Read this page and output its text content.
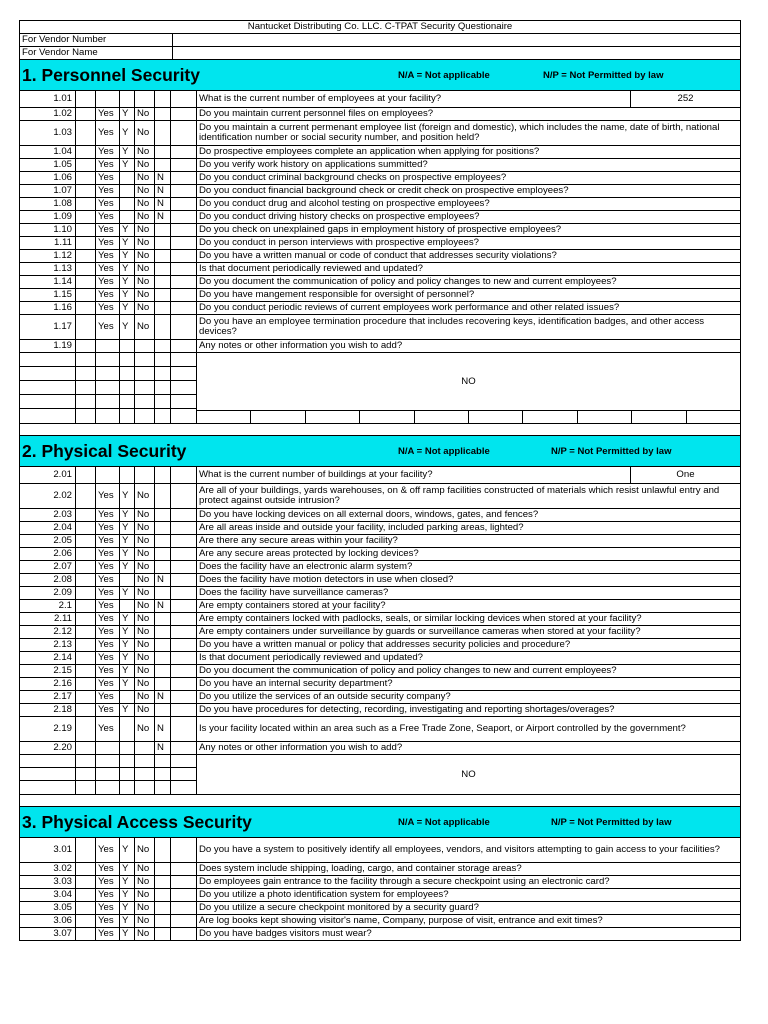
Nantucket Distributing Co. LLC. C-TPAT Security Questionaire
For Vendor Number
For Vendor Name
1. Personnel Security	N/A = Not applicable	N/P = Not Permitted by law
1.01	What is the current number of employees at your facility?	252
1.02	Yes Y No	Do you maintain current personnel files on employees?
1.03	Yes Y No	Do you maintain a current permenant employee list (foreign and domestic), which includes the name, date of birth, national identification number or social security number, and position held?
1.04	Yes Y No	Do prospective employees complete an application when applying for positions?
1.05	Yes Y No	Do you verify work history on applications summitted?
1.06	Yes	No N	Do you conduct criminal background checks on prospective employees?
1.07	Yes	No N	Do you conduct financial background check or credit check on prospective employees?
1.08	Yes	No N	Do you conduct drug and alcohol testing on prospective employees?
1.09	Yes	No N	Do you conduct driving history checks on prospective employees?
1.10	Yes Y No	Do you check on unexplained gaps in employment history of prospective employees?
1.11	Yes Y No	Do you conduct in person interviews with prospective employees?
1.12	Yes Y No	Do you have a written manual or code of conduct that addresses security violations?
1.13	Yes Y No	Is that document periodically reviewed and updated?
1.14	Yes Y No	Do you document the communication of policy and policy changes to new and current employees?
1.15	Yes Y No	Do you have mangement responsible for oversight of personnel?
1.16	Yes Y No	Do you conduct periodic reviews of current employees work performance and other related issues?
1.17	Yes Y No	Do you have an employee termination procedure that includes recovering keys, identification badges, and other access devices?
1.19	Any notes or other information you wish to add?
NO
2. Physical Security	N/A = Not applicable	N/P = Not Permitted by law
2.01	What is the current number of buildings at your facility?	One
2.02	Yes Y No	Are all of your buildings, yards warehouses, on & off ramp facilities constructed of materials which resist unlawful entry and protect against outside intrusion?
2.03	Yes Y No	Do you have locking devices on all external doors, windows, gates, and fences?
2.04	Yes Y No	Are all areas inside and outside your facility, included parking areas, lighted?
2.05	Yes Y No	Are there any secure areas within your facility?
2.06	Yes Y No	Are any secure areas protected by locking devices?
2.07	Yes Y No	Does the facility have an electronic alarm system?
2.08	Yes	No N	Does the facility have motion detectors in use when closed?
2.09	Yes Y No	Does the facility have surveillance cameras?
2.1	Yes	No N	Are empty containers stored at your facility?
2.11	Yes Y No	Are empty containers locked with padlocks, seals, or similar locking devices when stored at your facility?
2.12	Yes Y No	Are empty containers under surveillance by guards or surveillance cameras when stored at your facility?
2.13	Yes Y No	Do you have a written manual or policy that addresses security policies and procedure?
2.14	Yes Y No	Is that document periodically reviewed and updated?
2.15	Yes Y No	Do you document the communication of policy and policy changes to new and current employees?
2.16	Yes Y No	Do you have an internal security department?
2.17	Yes	No N	Do you utilize the services of an outside security company?
2.18	Yes Y No	Do you have procedures for detecting, recording, investigating and reporting shortages/overages?
2.19	Yes	No N	Is your facility located within an area such as a Free Trade Zone, Seaport, or Airport controlled by the government?
2.20	N	Any notes or other information you wish to add?
NO
3. Physical Access Security	N/A = Not applicable	N/P = Not Permitted by law
3.01	Yes Y No	Do you have a system to positively identify all employees, vendors, and visitors attempting to gain access to your facilities?
3.02	Yes Y No	Does system include shipping, loading, cargo, and container storage areas?
3.03	Yes Y No	Do employees gain entrance to the facility through a secure checkpoint using an electronic card?
3.04	Yes Y No	Do you utilize a photo identification system for employees?
3.05	Yes Y No	Do you utilize a secure checkpoint monitored by a security guard?
3.06	Yes Y No	Are log books kept showing visitor's name, Company, purpose of visit, entrance and exit times?
3.07	Yes Y No	Do you have badges visitors must wear?
